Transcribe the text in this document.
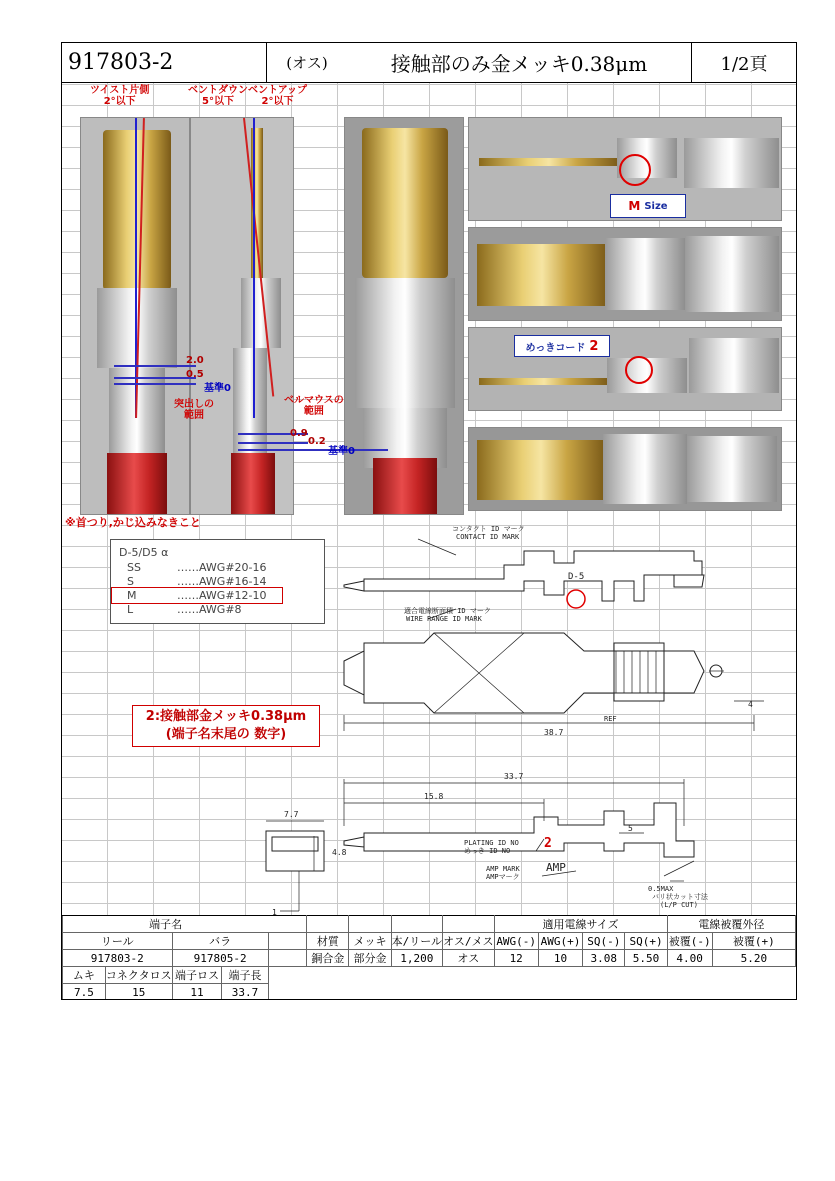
917803-2	(オス)	接触部のみ金メッキ0.38μm	1/2頁
M Size
めっきコード 2
ツイスト片側
2°以下
ベントダウン
5°以下
ベントアップ
2°以下
2.0
0.5
基準0
突出しの
範囲
ベルマウスの
範囲
0.9
0.2
基準0
※首つり,かじ込みなきこと
D-5/D5 α
SS	……AWG#20-16
S	……AWG#16-14
M	……AWG#12-10
L	……AWG#8
2:接触部金メッキ0.38μm
(端子名末尾の 数字)
コンタクト ID マーク
CONTACT ID MARK
適合電線断面積 ID マーク
WIRE RANGE ID MARK
D-5
REF
38.7
4
7.7
33.7
15.8
5
4.8
1
PLATING ID NO
めっき ID NO	2
AMP MARK
AMPマーク
AMP
0.5MAX
バリ状カット寸法
(L/P CUT)
端子名									適用電線サイズ				電線被覆外径	
リール		バラ			材質	メッキ	本/リール	オス/メス	AWG(-)	AWG(+)	SQ(-)	SQ(+)	被覆(-)	被覆(+)
917803-2		917805-2			銅合金	部分金	1,200	オス	12	10	3.08	5.50	4.00	5.20
ムキ	コネクタロス	端子ロス	端子長											
7.5	15	11	33.7											
